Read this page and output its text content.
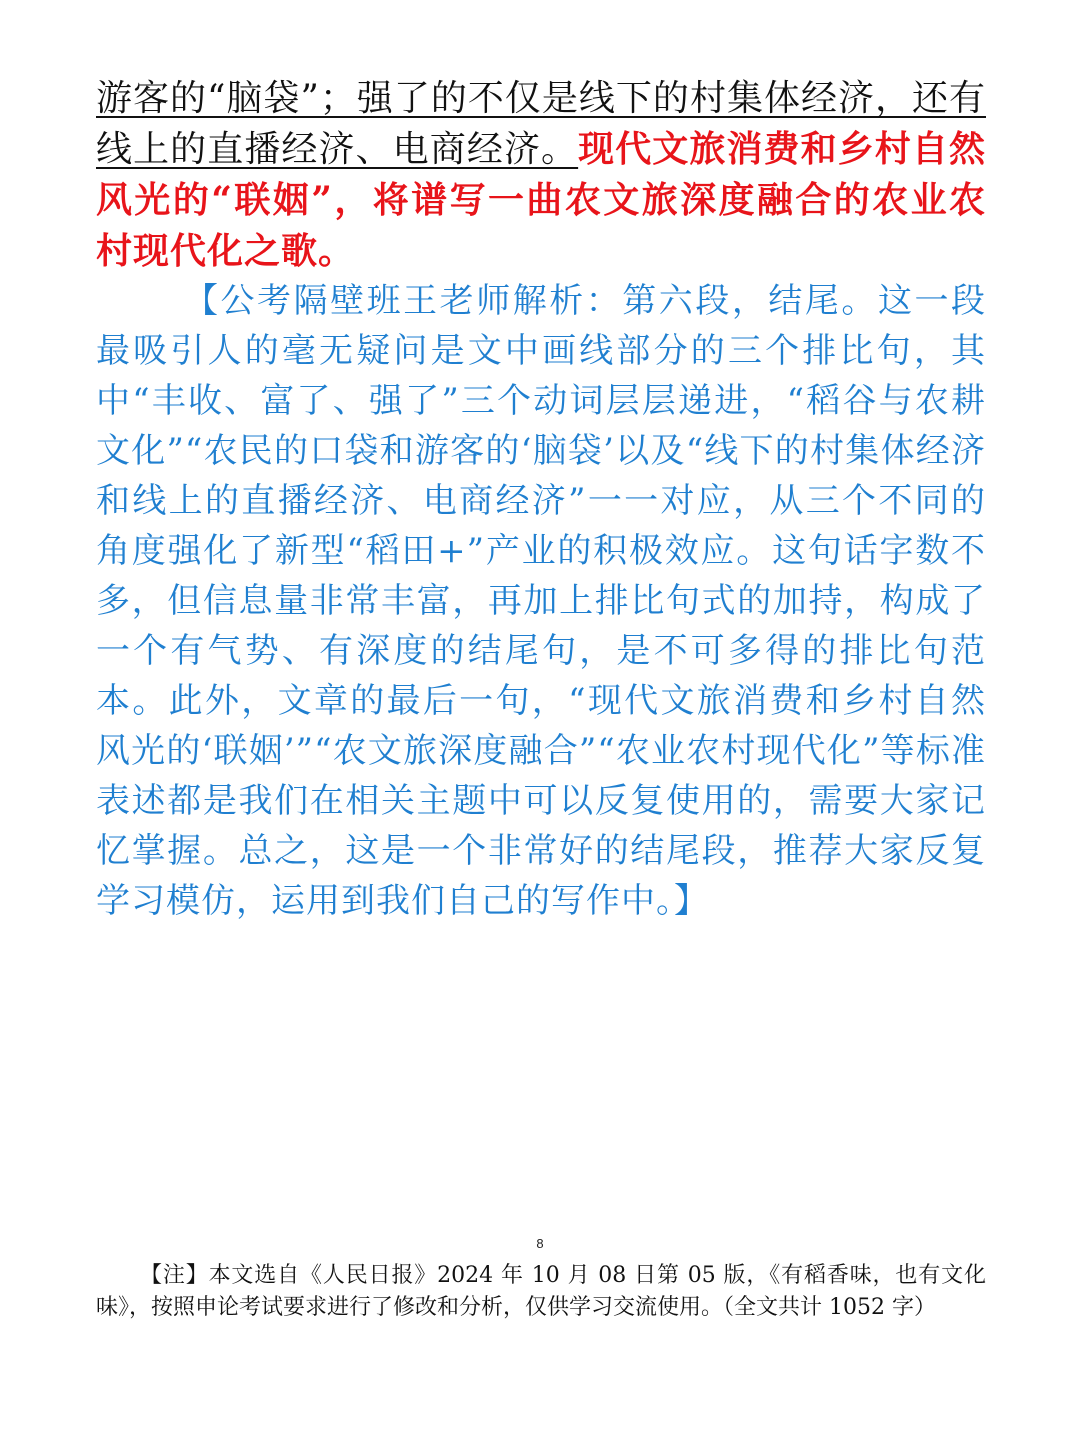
游客的“脑袋”；强了的不仅是线下的村集体经济，还有线上的直播经济、电商经济。现代文旅消费和乡村自然风光的“联姻”，将谱写一曲农文旅深度融合的农业农村现代化之歌。

【公考隔壁班王老师解析：第六段，结尾。这一段最吸引人的毫无疑问是文中画线部分的三个排比句，其中“丰收、富了、强了”三个动词层层递进，“稻谷与农耕文化”“农民的口袋和游客的‘脑袋’以及“线下的村集体经济和线上的直播经济、电商经济”一一对应，从三个不同的角度强化了新型“稻田+”产业的积极效应。这句话字数不多，但信息量非常丰富，再加上排比句式的加持，构成了一个有气势、有深度的结尾句，是不可多得的排比句范本。此外，文章的最后一句，“现代文旅消费和乡村自然风光的‘联姻’”“农文旅深度融合”“农业农村现代化”等标准表述都是我们在相关主题中可以反复使用的，需要大家记忆掌握。总之，这是一个非常好的结尾段，推荐大家反复学习模仿，运用到我们自己的写作中。】

8

【注】本文选自《人民日报》2024 年 10 月 08 日第 05 版，《有稻香味，也有文化味》，按照申论考试要求进行了修改和分析，仅供学习交流使用。（全文共计 1052 字）
